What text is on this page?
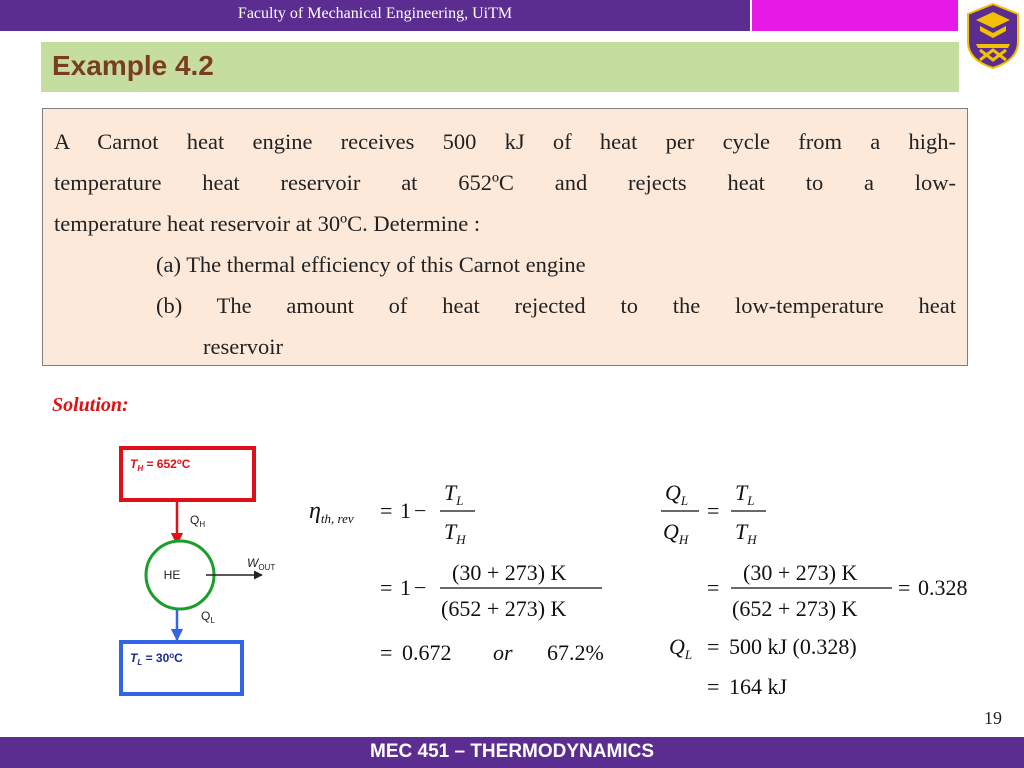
Faculty of Mechanical Engineering, UiTM
Example 4.2
A Carnot heat engine receives 500 kJ of heat per cycle from a high-
temperature heat reservoir at 652ºC and rejects heat to a low-
temperature heat reservoir at 30ºC. Determine :
(a) The thermal efficiency of this Carnot engine
(b) The amount of heat rejected to the low-temperature heat
reservoir
Solution:
$T_H = 652^oC$
$Q_H$
HE
$W_{OUT}$
$Q_L$
$T_L = 30^oC$
$\eta_{th, rev} = 1$ −
$T_L$
$T_H$
= 1 −
(30 + 273) K
(652 + 273) K
= 0.672 or 67.2%
$Q_L$
$Q_H$
=
$T_L$
$T_H$
=
(30 + 273) K
(652 + 273) K
= 0.328
$Q_L = 500$ kJ (0.328)
= 164 kJ
19
MEC 451 – THERMODYNAMICS
